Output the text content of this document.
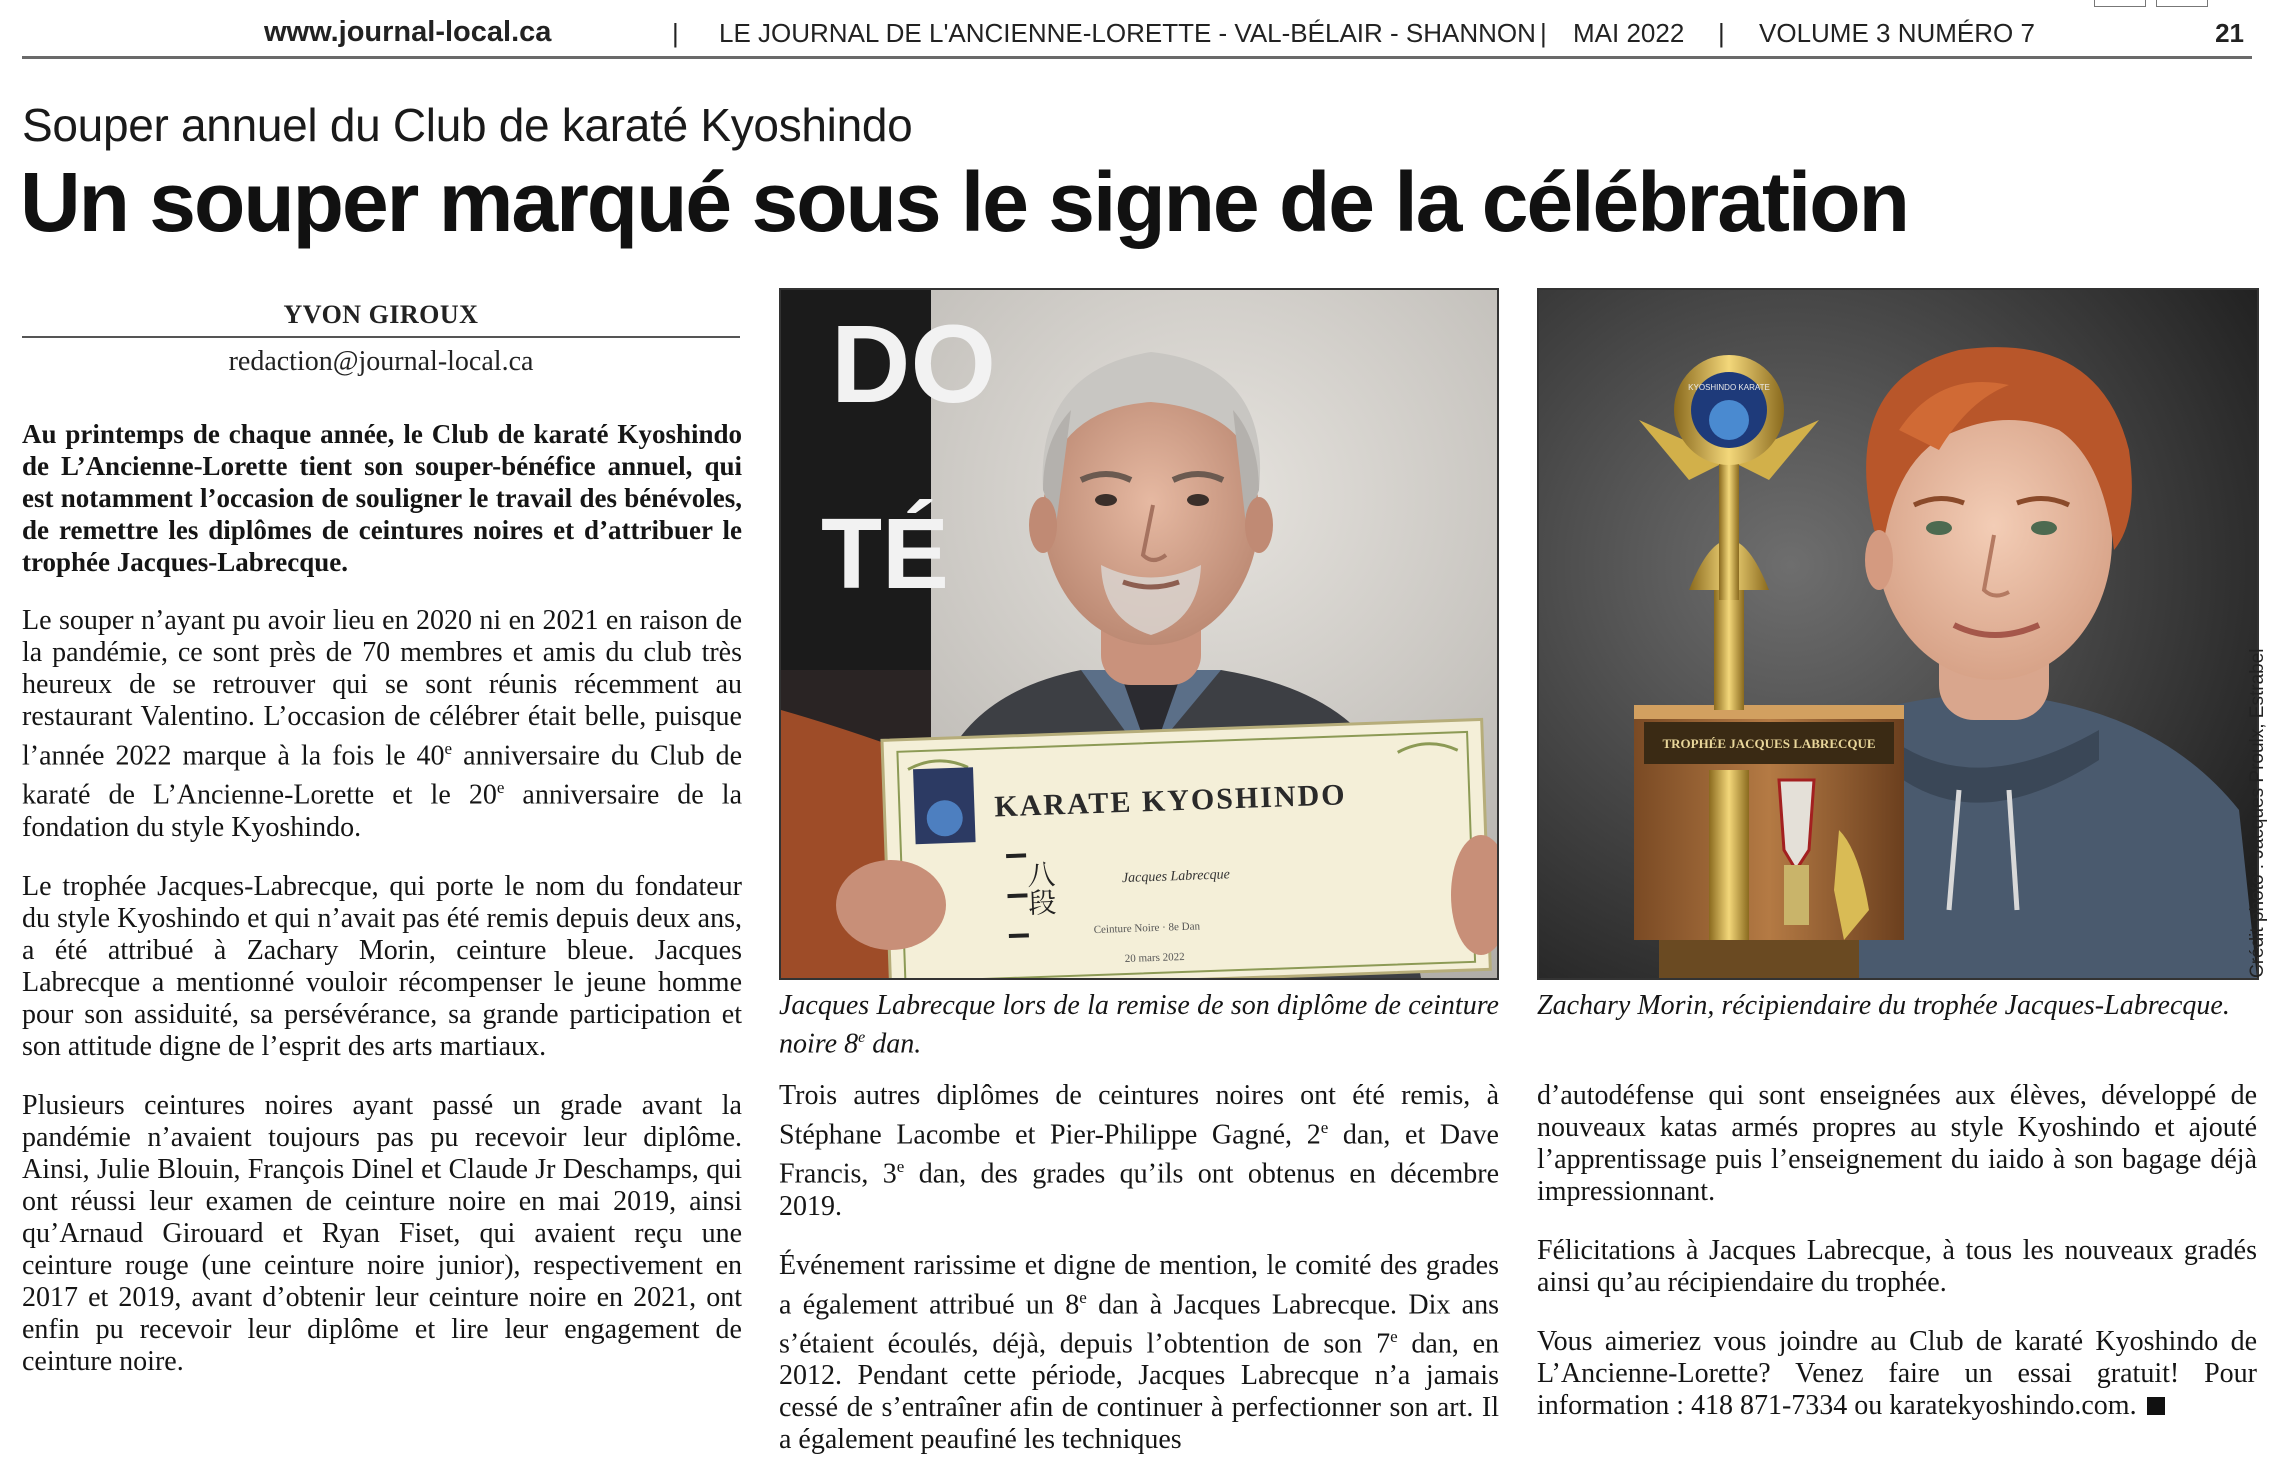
www.journal-local.ca	| LE JOURNAL DE L'ANCIENNE-LORETTE - VAL-BÉLAIR - SHANNON | MAI 2022 | VOLUME 3 NUMÉRO 7	21
Souper annuel du Club de karaté Kyoshindo
Un souper marqué sous le signe de la célébration
YVON GIROUX
redaction@journal-local.ca

Au printemps de chaque année, le Club de karaté Kyoshindo de L’Ancienne-Lorette tient son souper-bénéfice annuel, qui est notamment l’occasion de souligner le travail des bénévoles, de remettre les diplômes de ceintures noires et d’attribuer le trophée Jacques-Labrecque.

Le souper n’ayant pu avoir lieu en 2020 ni en 2021 en raison de la pandémie, ce sont près de 70 membres et amis du club très heureux de se retrouver qui se sont réunis récemment au restaurant Valentino. L’occasion de célébrer était belle, puisque l’année 2022 marque à la fois le 40e anniversaire du Club de karaté de L’Ancienne-Lorette et le 20e anniversaire de la fondation du style Kyoshindo.

Le trophée Jacques-Labrecque, qui porte le nom du fondateur du style Kyoshindo et qui n’avait pas été remis depuis deux ans, a été attribué à Zachary Morin, ceinture bleue. Jacques Labrecque a mentionné vouloir récompenser le jeune homme pour son assiduité, sa persévérance, sa grande participation et son attitude digne de l’esprit des arts martiaux.

Plusieurs ceintures noires ayant passé un grade avant la pandémie n’avaient toujours pas pu recevoir leur diplôme. Ainsi, Julie Blouin, François Dinel et Claude Jr Deschamps, qui ont réussi leur examen de ceinture noire en mai 2019, ainsi qu’Arnaud Girouard et Ryan Fiset, qui avaient reçu une ceinture rouge (une ceinture noire junior), respectivement en 2017 et 2019, avant d’obtenir leur ceinture noire en 2021, ont enfin pu recevoir leur diplôme et lire leur engagement de ceinture noire.

DO
TÉ
KARATE KYOSHINDO
Jacques Labrecque
Ceinture Noire · 8e Dan
20 mars 2022
八段
Jacques Labrecque lors de la remise de son diplôme de ceinture noire 8e dan.
TROPHÉE JACQUES LABRECQUE
KYOSHINDO KARATE
Zachary Morin, récipiendaire du trophée Jacques-Labrecque.
Crédit photo : Jacques Proulx, Estrabel

Trois autres diplômes de ceintures noires ont été remis, à Stéphane Lacombe et Pier-Philippe Gagné, 2e dan, et Dave Francis, 3e dan, des grades qu’ils ont obtenus en décembre 2019.

Événement rarissime et digne de mention, le comité des grades a également attribué un 8e dan à Jacques Labrecque. Dix ans s’étaient écoulés, déjà, depuis l’obtention de son 7e dan, en 2012. Pendant cette période, Jacques Labrecque n’a jamais cessé de s’entraîner afin de continuer à perfectionner son art. Il a également peaufiné les techniques

d’autodéfense qui sont enseignées aux élèves, développé de nouveaux katas armés propres au style Kyoshindo et ajouté l’apprentissage puis l’enseignement du iaido à son bagage déjà impressionnant.

Félicitations à Jacques Labrecque, à tous les nouveaux gradés ainsi qu’au récipiendaire du trophée.

Vous aimeriez vous joindre au Club de karaté Kyoshindo de L’Ancienne-Lorette? Venez faire un essai gratuit! Pour information : 418 871-7334 ou karatekyoshindo.com.
